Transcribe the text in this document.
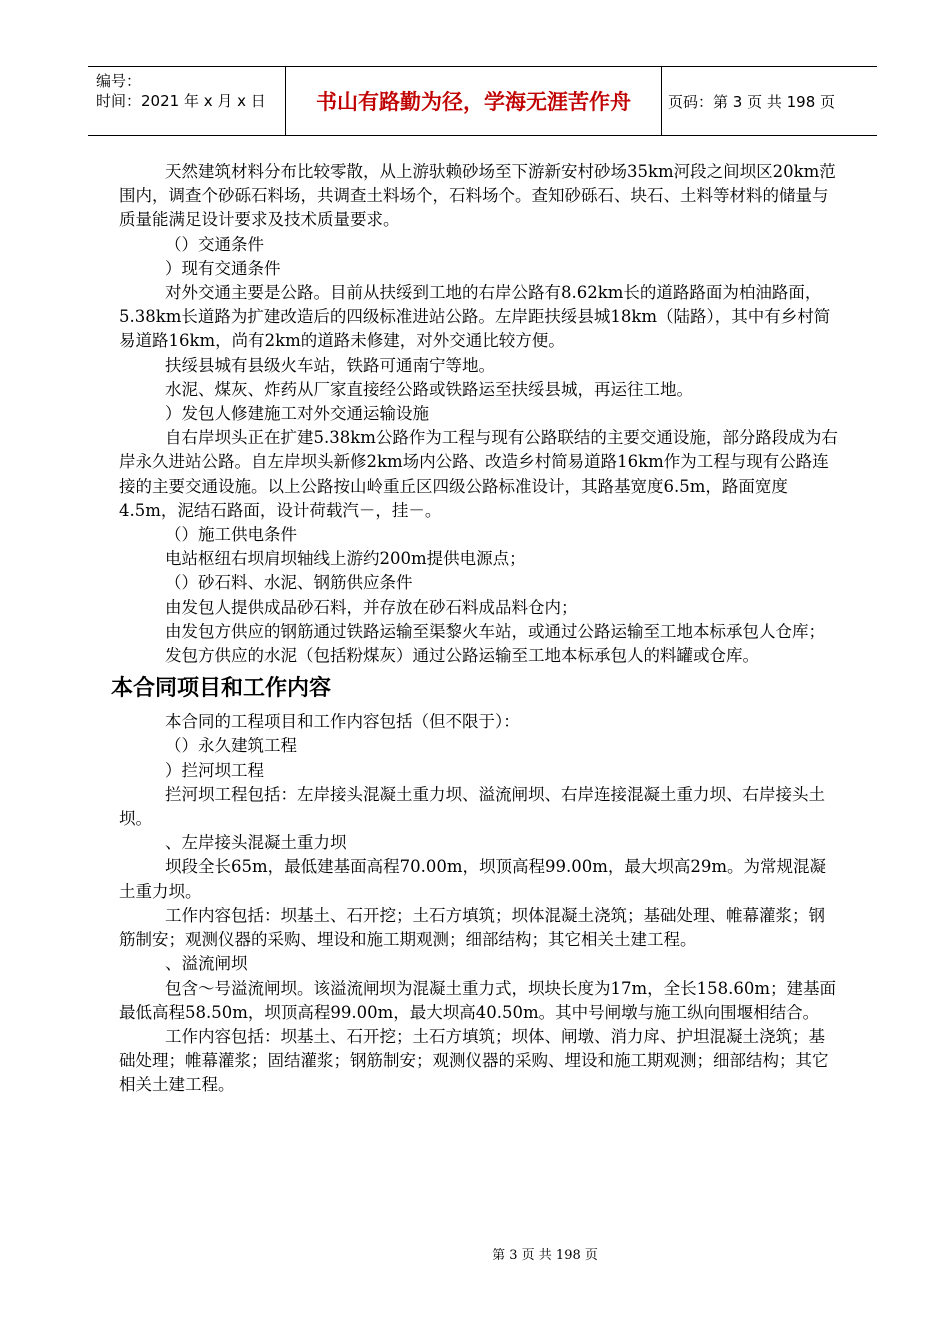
编号：
时间：2021 年 x 月 x 日	书山有路勤为径，学海无涯苦作舟	页码：第 3 页 共 198 页

天然建筑材料分布比较零散，从上游驮赖砂场至下游新安村砂场35km河段之间坝区20km范围内，调查个砂砾石料场，共调查土料场个，石料场个。查知砂砾石、块石、土料等材料的储量与质量能满足设计要求及技术质量要求。

（）交通条件

）现有交通条件

对外交通主要是公路。目前从扶绥到工地的右岸公路有8.62km长的道路路面为柏油路面，5.38km长道路为扩建改造后的四级标准进站公路。左岸距扶绥县城18km（陆路），其中有乡村简易道路16km，尚有2km的道路未修建，对外交通比较方便。

扶绥县城有县级火车站，铁路可通南宁等地。

水泥、煤灰、炸药从厂家直接经公路或铁路运至扶绥县城，再运往工地。

）发包人修建施工对外交通运输设施

自右岸坝头正在扩建5.38km公路作为工程与现有公路联结的主要交通设施，部分路段成为右岸永久进站公路。自左岸坝头新修2km场内公路、改造乡村简易道路16km作为工程与现有公路连接的主要交通设施。以上公路按山岭重丘区四级公路标准设计，其路基宽度6.5m，路面宽度4.5m，泥结石路面，设计荷载汽－，挂－。

（）施工供电条件

电站枢纽右坝肩坝轴线上游约200m提供电源点；

（）砂石料、水泥、钢筋供应条件

由发包人提供成品砂石料，并存放在砂石料成品料仓内；

由发包方供应的钢筋通过铁路运输至渠黎火车站，或通过公路运输至工地本标承包人仓库；

发包方供应的水泥（包括粉煤灰）通过公路运输至工地本标承包人的料罐或仓库。

本合同项目和工作内容

本合同的工程项目和工作内容包括（但不限于）：

（）永久建筑工程

）拦河坝工程

拦河坝工程包括：左岸接头混凝土重力坝、溢流闸坝、右岸连接混凝土重力坝、右岸接头土坝。

、左岸接头混凝土重力坝

坝段全长65m，最低建基面高程70.00m，坝顶高程99.00m，最大坝高29m。为常规混凝土重力坝。

工作内容包括：坝基土、石开挖；土石方填筑；坝体混凝土浇筑；基础处理、帷幕灌浆；钢筋制安；观测仪器的采购、埋设和施工期观测；细部结构；其它相关土建工程。

、溢流闸坝

包含～号溢流闸坝。该溢流闸坝为混凝土重力式，坝块长度为17m，全长158.60m；建基面最低高程58.50m，坝顶高程99.00m，最大坝高40.50m。其中号闸墩与施工纵向围堰相结合。

工作内容包括：坝基土、石开挖；土石方填筑；坝体、闸墩、消力戽、护坦混凝土浇筑；基础处理；帷幕灌浆；固结灌浆；钢筋制安；观测仪器的采购、埋设和施工期观测；细部结构；其它相关土建工程。

第 3 页 共 198 页
